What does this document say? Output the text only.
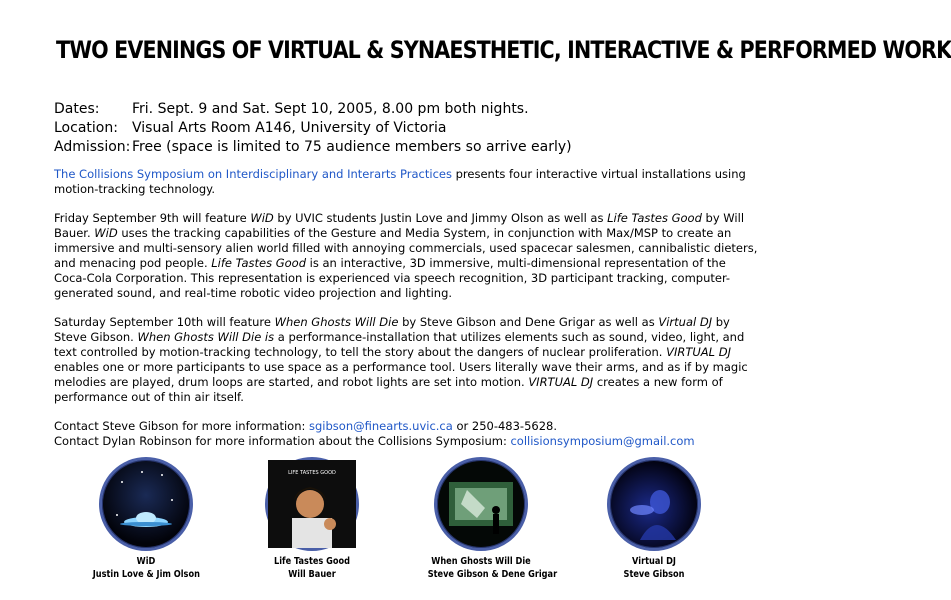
TWO EVENINGS OF VIRTUAL & SYNAESTHETIC, INTERACTIVE & PERFORMED WORK
Dates:	Fri. Sept. 9 and Sat. Sept 10, 2005, 8.00 pm both nights.
Location:	Visual Arts Room A146, University of Victoria
Admission: Free (space is limited to 75 audience members so arrive early)

The Collisions Symposium on Interdisciplinary and Interarts Practices presents four interactive virtual installations using motion-tracking technology.

Friday September 9th will feature WiD by UVIC students Justin Love and Jimmy Olson as well as Life Tastes Good by Will Bauer. WiD uses the tracking capabilities of the Gesture and Media System, in conjunction with Max/MSP to create an immersive and multi-sensory alien world filled with annoying commercials, used spacecar salesmen, cannibalistic dieters, and menacing pod people. Life Tastes Good is an interactive, 3D immersive, multi-dimensional representation of the Coca-Cola Corporation. This representation is experienced via speech recognition, 3D participant tracking, computer-generated sound, and real-time robotic video projection and lighting.

Saturday September 10th will feature When Ghosts Will Die by Steve Gibson and Dene Grigar as well as Virtual DJ by Steve Gibson. When Ghosts Will Die is a performance-installation that utilizes elements such as sound, video, light, and text controlled by motion-tracking technology, to tell the story about the dangers of nuclear proliferation. VIRTUAL DJ enables one or more participants to use space as a performance tool. Users literally wave their arms, and as if by magic melodies are played, drum loops are started, and robot lights are set into motion. VIRTUAL DJ creates a new form of performance out of thin air itself.

Contact Steve Gibson for more information: sgibson@finearts.uvic.ca or 250-483-5628.

Contact Dylan Robinson for more information about the Collisions Symposium: collisionsymposium@gmail.com

WiD
Justin Love & Jim Olson
LIFE TASTES GOOD
Life Tastes Good
Will Bauer
When Ghosts Will Die
Steve Gibson & Dene Grigar
Virtual DJ
Steve Gibson
